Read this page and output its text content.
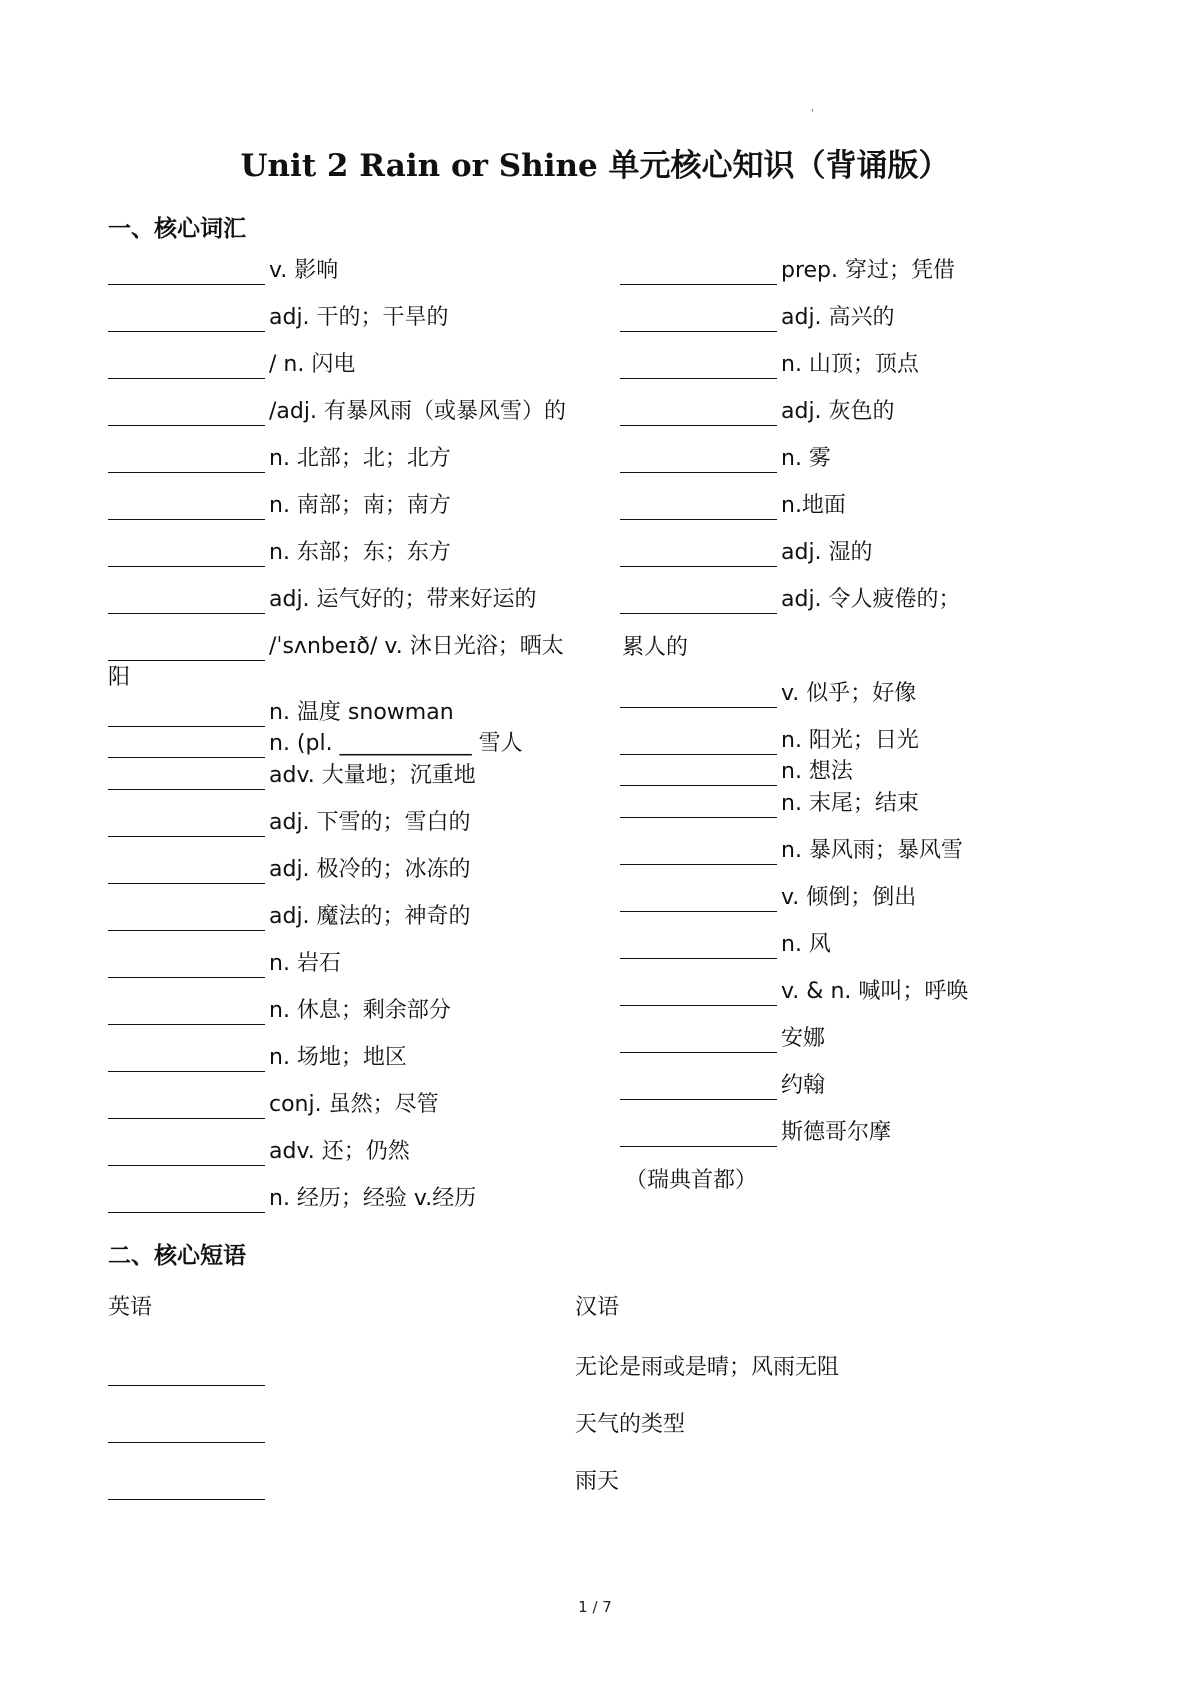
'
Unit 2 Rain or Shine 单元核心知识（背诵版）
一、核心词汇
v. 影响
adj. 干的；干旱的
/ n. 闪电
/adj. 有暴风雨（或暴风雪）的
n. 北部；北；北方
n. 南部；南；南方
n. 东部；东；东方
adj. 运气好的；带来好运的
/ˈsʌnbeɪð/ v. 沐日光浴；晒太
阳
n. 温度 snowman
n. (pl. ____________ 雪人
adv. 大量地；沉重地
adj. 下雪的；雪白的
adj. 极冷的；冰冻的
adj. 魔法的；神奇的
n. 岩石
n. 休息；剩余部分
n. 场地；地区
conj. 虽然；尽管
adv. 还；仍然
n. 经历；经验 v.经历
prep. 穿过；凭借
adj. 高兴的
n. 山顶；顶点
adj. 灰色的
n. 雾
n.地面
adj. 湿的
adj. 令人疲倦的；
累人的
v. 似乎；好像
n. 阳光；日光
n. 想法
n. 末尾；结束
n. 暴风雨；暴风雪
v. 倾倒；倒出
n. 风
v. & n. 喊叫；呼唤
安娜
约翰
斯德哥尔摩
（瑞典首都）
二、核心短语
英语	汉语
无论是雨或是晴；风雨无阻
天气的类型
雨天
1 / 7
